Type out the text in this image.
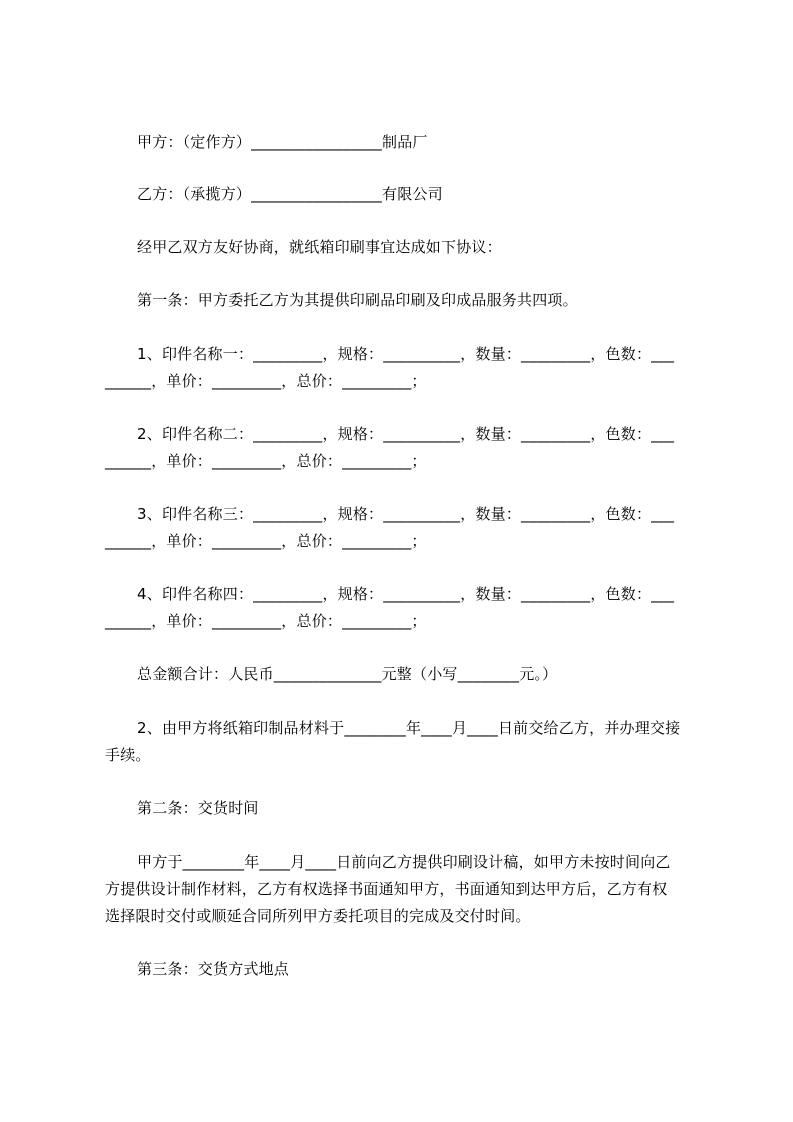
甲方：（定作方）_________________制品厂
乙方：（承揽方）_________________有限公司
经甲乙双方友好协商，就纸箱印刷事宜达成如下协议：
第一条：甲方委托乙方为其提供印刷品印刷及印成品服务共四项。
1、印件名称一：_________，规格：__________，数量：_________，色数：___
______，单价：_________，总价：_________；
2、印件名称二：_________，规格：__________，数量：_________，色数：___
______，单价：_________，总价：_________；
3、印件名称三：_________，规格：__________，数量：_________，色数：___
______，单价：_________，总价：_________；
4、印件名称四：_________，规格：__________，数量：_________，色数：___
______，单价：_________，总价：_________；
总金额合计：人民币______________元整（小写________元。）
2、由甲方将纸箱印制品材料于________年____月____日前交给乙方，并办理交接
手续。
第二条：交货时间
甲方于________年____月____日前向乙方提供印刷设计稿，如甲方未按时间向乙
方提供设计制作材料，乙方有权选择书面通知甲方，书面通知到达甲方后，乙方有权
选择限时交付或顺延合同所列甲方委托项目的完成及交付时间。
第三条：交货方式地点
